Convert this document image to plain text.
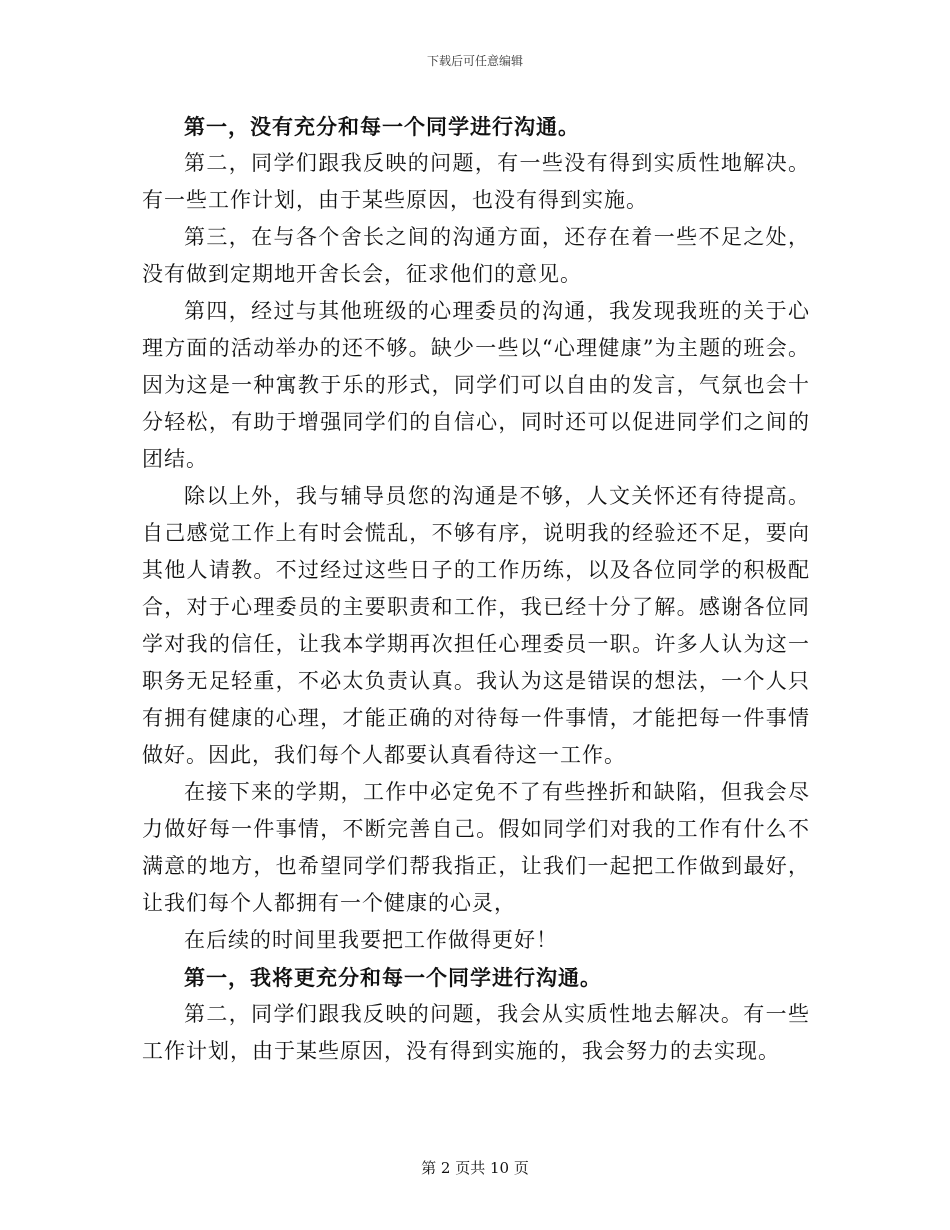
下载后可任意编辑

第一，没有充分和每一个同学进行沟通。

第二，同学们跟我反映的问题，有一些没有得到实质性地解决。有一些工作计划，由于某些原因，也没有得到实施。

第三，在与各个舍长之间的沟通方面，还存在着一些不足之处，没有做到定期地开舍长会，征求他们的意见。

第四，经过与其他班级的心理委员的沟通，我发现我班的关于心理方面的活动举办的还不够。缺少一些以“心理健康”为主题的班会。因为这是一种寓教于乐的形式，同学们可以自由的发言，气氛也会十分轻松，有助于增强同学们的自信心，同时还可以促进同学们之间的团结。

除以上外，我与辅导员您的沟通是不够，人文关怀还有待提高。自己感觉工作上有时会慌乱，不够有序，说明我的经验还不足，要向其他人请教。不过经过这些日子的工作历练，以及各位同学的积极配合，对于心理委员的主要职责和工作，我已经十分了解。感谢各位同学对我的信任，让我本学期再次担任心理委员一职。许多人认为这一职务无足轻重，不必太负责认真。我认为这是错误的想法，一个人只有拥有健康的心理，才能正确的对待每一件事情，才能把每一件事情做好。因此，我们每个人都要认真看待这一工作。

在接下来的学期，工作中必定免不了有些挫折和缺陷，但我会尽力做好每一件事情，不断完善自己。假如同学们对我的工作有什么不满意的地方，也希望同学们帮我指正，让我们一起把工作做到最好，让我们每个人都拥有一个健康的心灵，

在后续的时间里我要把工作做得更好！

第一，我将更充分和每一个同学进行沟通。

第二，同学们跟我反映的问题，我会从实质性地去解决。有一些工作计划，由于某些原因，没有得到实施的，我会努力的去实现。

第 2 页共 10 页
